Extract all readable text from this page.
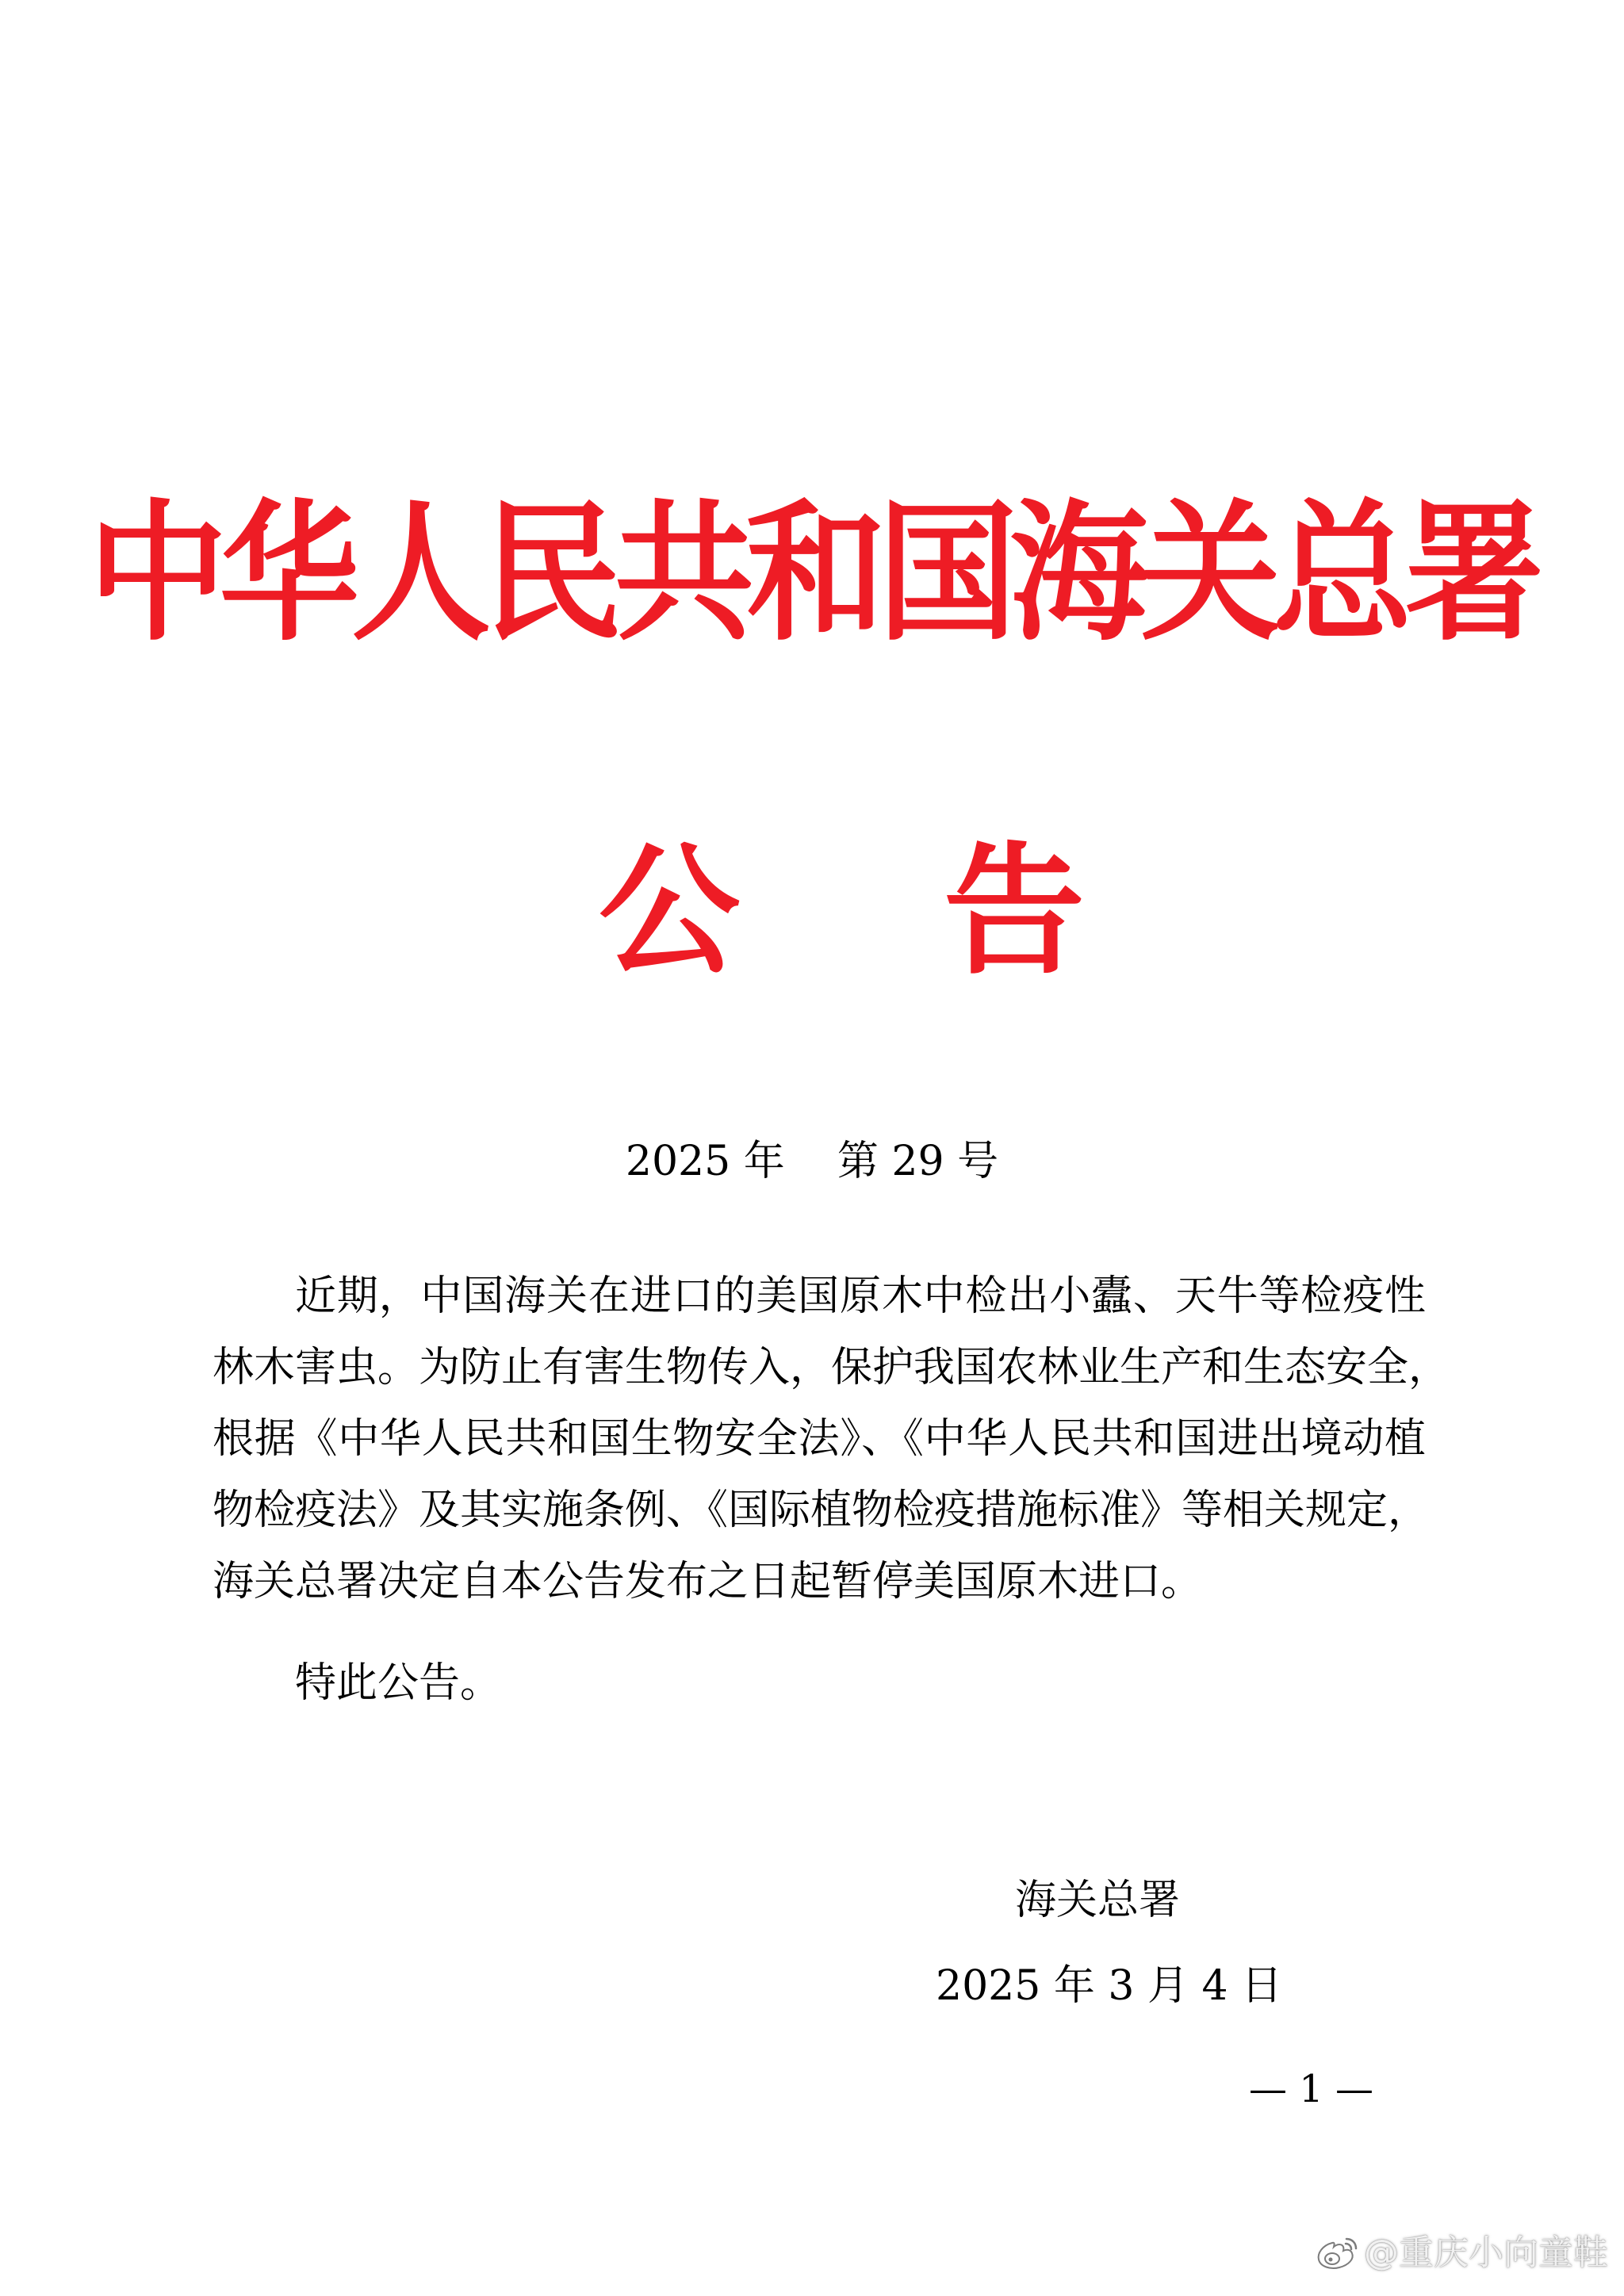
中华人民共和国海关总署
公 告
2025 年 第 29 号
近期，中国海关在进口的美国原木中检出小蠹、天牛等检疫性
林木害虫。为防止有害生物传入，保护我国农林业生产和生态安全，
根据《中华人民共和国生物安全法》、《中华人民共和国进出境动植
物检疫法》及其实施条例、《国际植物检疫措施标准》等相关规定，
海关总署决定自本公告发布之日起暂停美国原木进口。
特此公告。
海关总署
2025 年 3 月 4 日
— 1 —
@重庆小向童鞋
